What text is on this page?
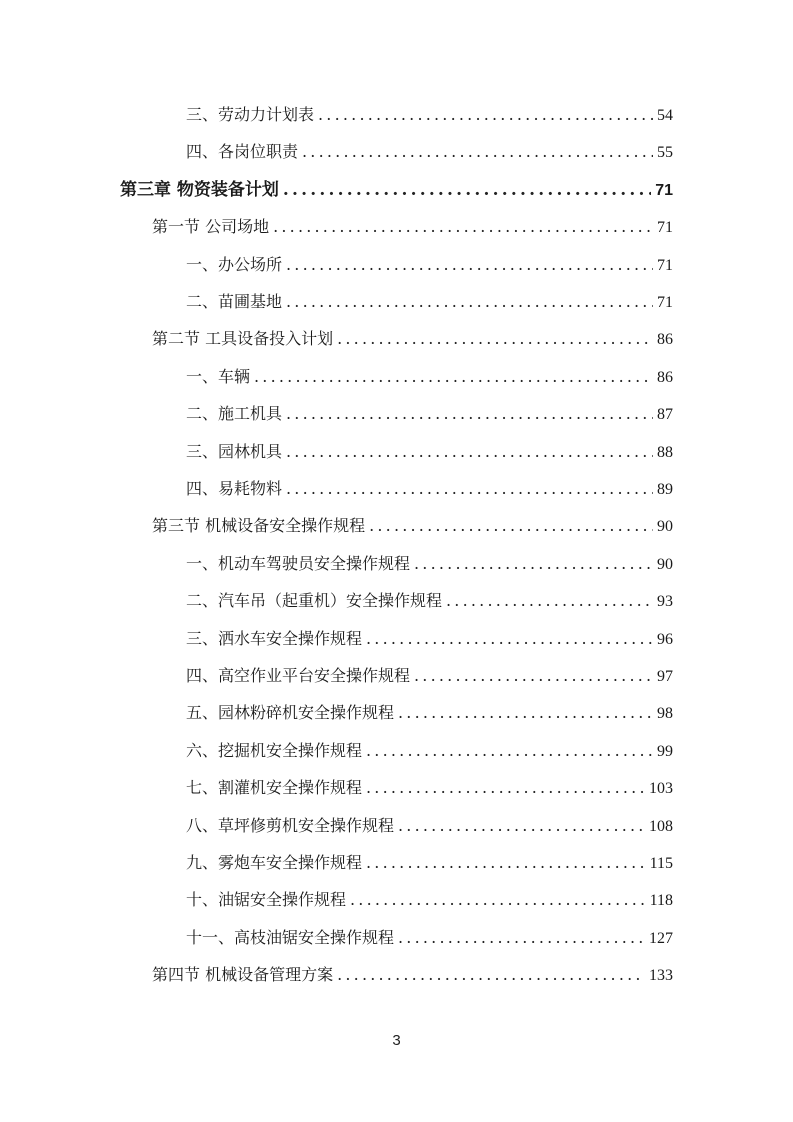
三、劳动力计划表 .....	54
四、各岗位职责 .....	55
第三章 物资装备计划 .....	71
第一节 公司场地 .....	71
一、办公场所 .....	71
二、苗圃基地 .....	71
第二节 工具设备投入计划 .....	86
一、车辆 .....	86
二、施工机具 .....	87
三、园林机具 .....	88
四、易耗物料 .....	89
第三节 机械设备安全操作规程 .....	90
一、机动车驾驶员安全操作规程 .....	90
二、汽车吊（起重机）安全操作规程 .....	93
三、洒水车安全操作规程 .....	96
四、高空作业平台安全操作规程 .....	97
五、园林粉碎机安全操作规程 .....	98
六、挖掘机安全操作规程 .....	99
七、割灌机安全操作规程 .....	103
八、草坪修剪机安全操作规程 .....	108
九、雾炮车安全操作规程 .....	115
十、油锯安全操作规程 .....	118
十一、高枝油锯安全操作规程 .....	127
第四节 机械设备管理方案 .....	133
3
